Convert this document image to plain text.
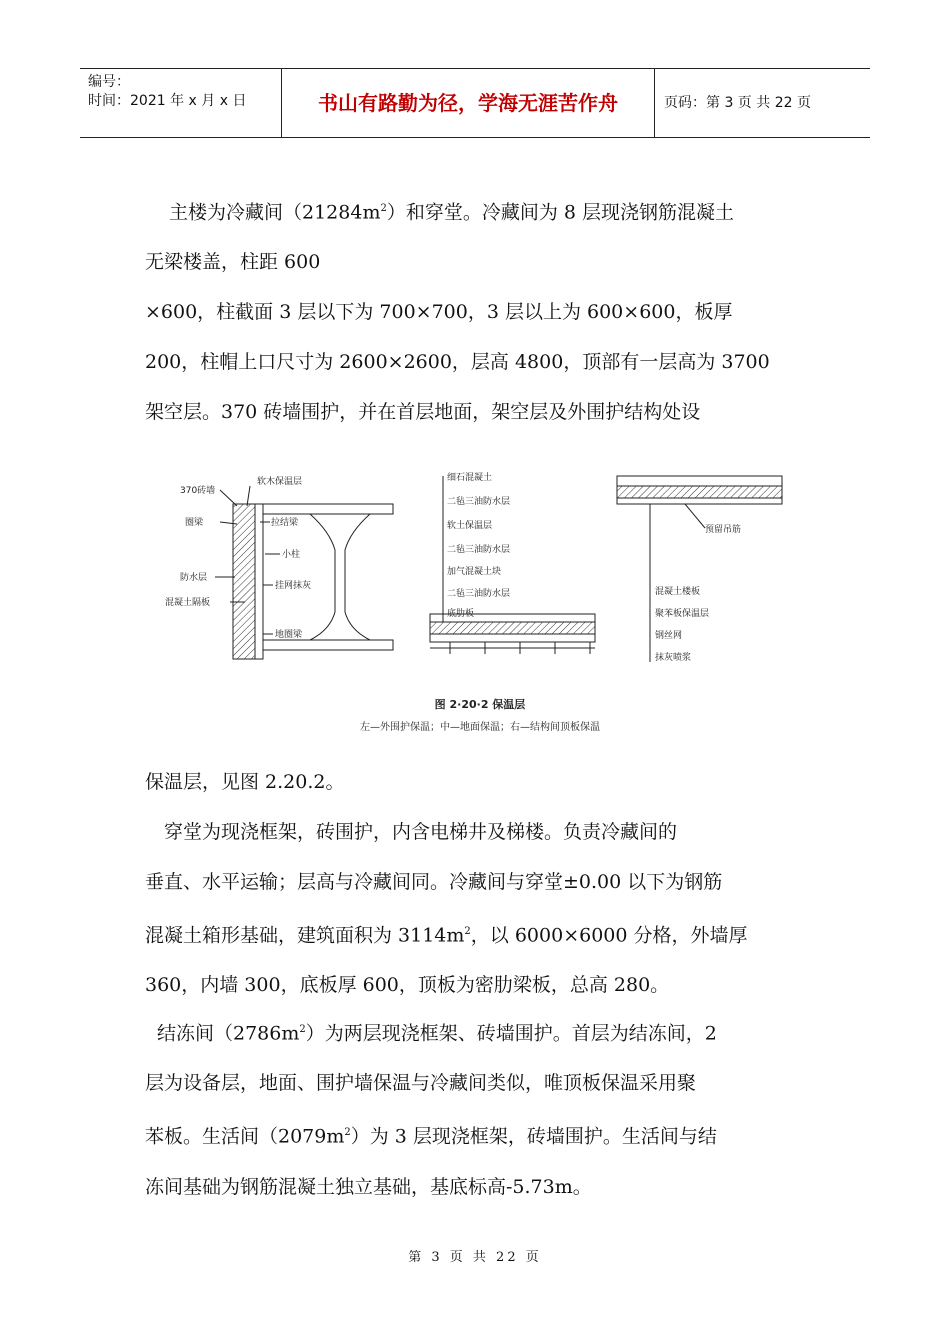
编号：
时间：2021 年 x 月 x 日	书山有路勤为径，学海无涯苦作舟	页码：第 3 页 共 22 页
主楼为冷藏间$(21284m^2)$和穿堂。冷藏间为 8 层现浇钢筋混凝土
无梁楼盖，柱距 600
×600，柱截面 3 层以下为 700×700，3 层以上为 600×600，板厚
200，柱帽上口尺寸为 2600×2600，层高 4800，顶部有一层高为 3700
架空层。370 砖墙围护，并在首层地面，架空层及外围护结构处设
370砖墙
软木保温层
圈梁	拉结梁
小柱
防水层
挂网抹灰
混凝土隔板
地圈梁
细石混凝土
二毡三油防水层
软土保温层
二毡三油防水层
加气混凝土块
二毡三油防水层
底肋板
预留吊筋
混凝土楼板
聚苯板保温层
钢丝网
抹灰喷浆
图 2·20·2 保温层
左—外围护保温；中—地面保温；右—结构间顶板保温
保温层，见图 2.20.2。
　穿堂为现浇框架，砖围护，内含电梯井及梯楼。负责冷藏间的
垂直、水平运输；层高与冷藏间同。冷藏间与穿堂±0.00 以下为钢筋
混凝土箱形基础，建筑面积为 $3114m^2$，以 6000×6000 分格，外墙厚
360，内墙 300，底板厚 600，顶板为密肋梁板，总高 280。
结冻间$(2786m^2)$为两层现浇框架、砖墙围护。首层为结冻间，2
层为设备层，地面、围护墙保温与冷藏间类似，唯顶板保温采用聚
苯板。生活间$(2079m^2)$为 3 层现浇框架，砖墙围护。生活间与结
冻间基础为钢筋混凝土独立基础，基底标高-5.73m。
第 3 页 共 22 页
